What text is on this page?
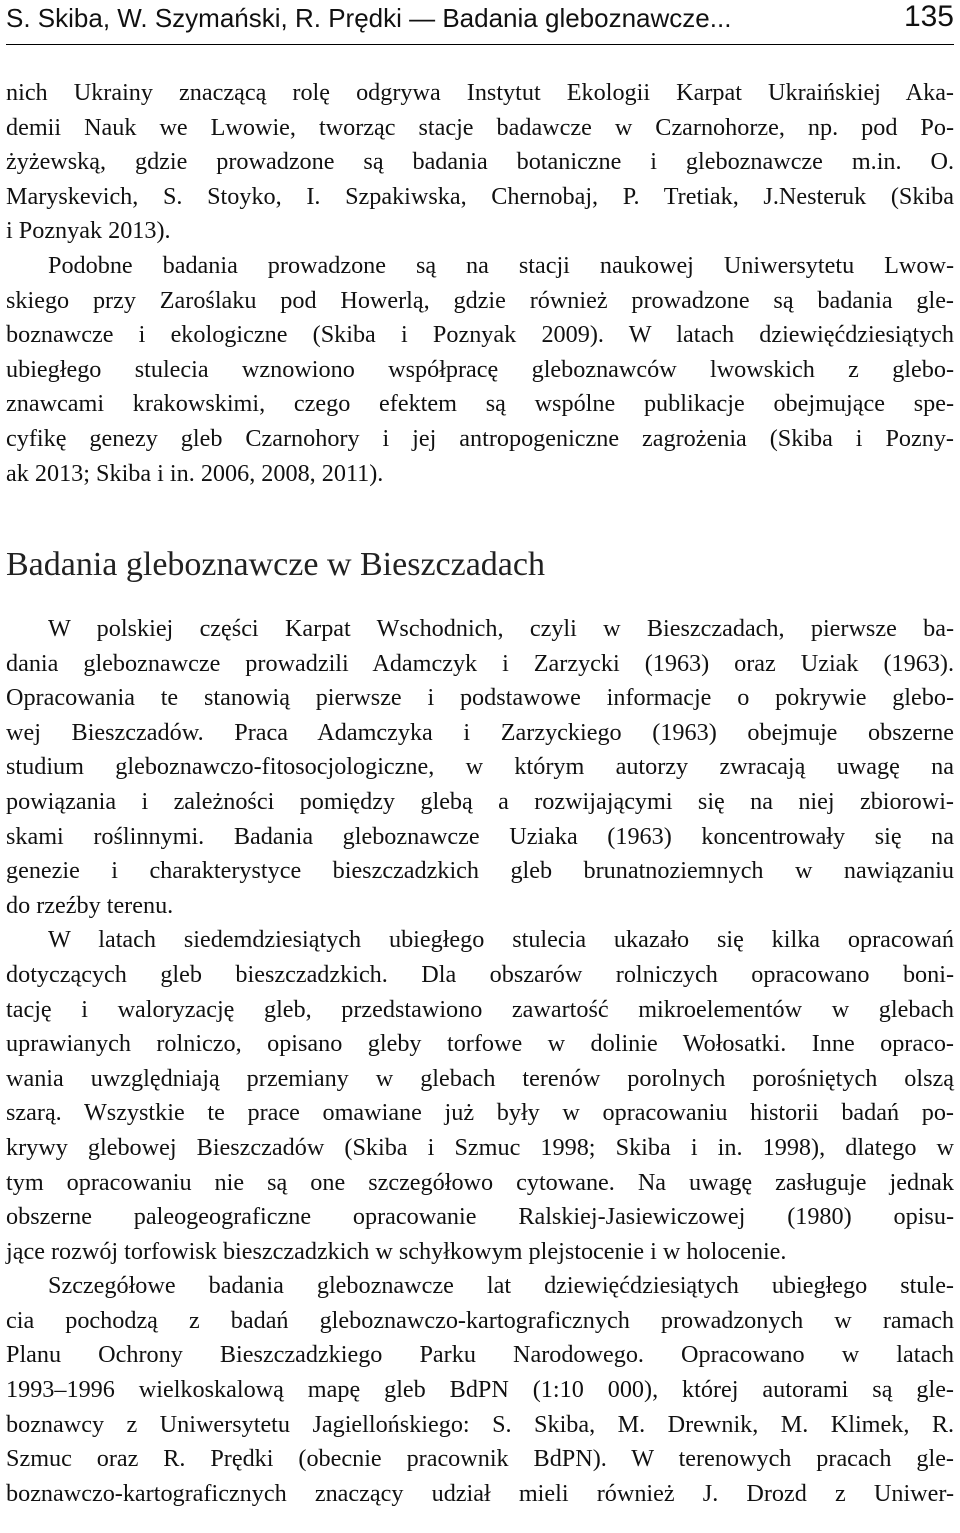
S. Skiba, W. Szymański, R. Prędki — Badania gleboznawcze...	135

nich Ukrainy znaczącą rolę odgrywa Instytut Ekologii Karpat Ukraińskiej Aka-
demii Nauk we Lwowie, tworząc stacje badawcze w Czarnohorze, np. pod Po-
żyżewską, gdzie prowadzone są badania botaniczne i gleboznawcze m.in. O.
Maryskevich, S. Stoyko, I. Szpakiwska, Chernobaj, P. Tretiak, J.Nesteruk (Skiba
i Poznyak 2013).

Podobne badania prowadzone są na stacji naukowej Uniwersytetu Lwow-
skiego przy Zaroślaku pod Howerlą, gdzie również prowadzone są badania gle-
boznawcze i ekologiczne (Skiba i Poznyak 2009). W latach dziewięćdziesiątych
ubiegłego stulecia wznowiono współpracę gleboznawców lwowskich z glebo-
znawcami krakowskimi, czego efektem są wspólne publikacje obejmujące spe-
cyfikę genezy gleb Czarnohory i jej antropogeniczne zagrożenia (Skiba i Pozny-
ak 2013; Skiba i in. 2006, 2008, 2011).

Badania gleboznawcze w Bieszczadach

W polskiej części Karpat Wschodnich, czyli w Bieszczadach, pierwsze ba-
dania gleboznawcze prowadzili Adamczyk i Zarzycki (1963) oraz Uziak (1963).
Opracowania te stanowią pierwsze i podstawowe informacje o pokrywie glebo-
wej Bieszczadów. Praca Adamczyka i Zarzyckiego (1963) obejmuje obszerne
studium gleboznawczo-fitosocjologiczne, w którym autorzy zwracają uwagę na
powiązania i zależności pomiędzy glebą a rozwijającymi się na niej zbiorowi-
skami roślinnymi. Badania gleboznawcze Uziaka (1963) koncentrowały się na
genezie i charakterystyce bieszczadzkich gleb brunatnoziemnych w nawiązaniu
do rzeźby terenu.

W latach siedemdziesiątych ubiegłego stulecia ukazało się kilka opracowań
dotyczących gleb bieszczadzkich. Dla obszarów rolniczych opracowano boni-
tację i waloryzację gleb, przedstawiono zawartość mikroelementów w glebach
uprawianych rolniczo, opisano gleby torfowe w dolinie Wołosatki. Inne opraco-
wania uwzględniają przemiany w glebach terenów porolnych porośniętych olszą
szarą. Wszystkie te prace omawiane już były w opracowaniu historii badań po-
krywy glebowej Bieszczadów (Skiba i Szmuc 1998; Skiba i in. 1998), dlatego w
tym opracowaniu nie są one szczegółowo cytowane. Na uwagę zasługuje jednak
obszerne paleogeograficzne opracowanie Ralskiej-Jasiewiczowej (1980) opisu-
jące rozwój torfowisk bieszczadzkich w schyłkowym plejstocenie i w holocenie.

Szczegółowe badania gleboznawcze lat dziewięćdziesiątych ubiegłego stule-
cia pochodzą z badań gleboznawczo-kartograficznych prowadzonych w ramach
Planu Ochrony Bieszczadzkiego Parku Narodowego. Opracowano w latach
1993–1996 wielkoskalową mapę gleb BdPN (1:10 000), której autorami są gle-
boznawcy z Uniwersytetu Jagiellońskiego: S. Skiba, M. Drewnik, M. Klimek, R.
Szmuc oraz R. Prędki (obecnie pracownik BdPN). W terenowych pracach gle-
boznawczo-kartograficznych znaczący udział mieli również J. Drozd z Uniwer-
